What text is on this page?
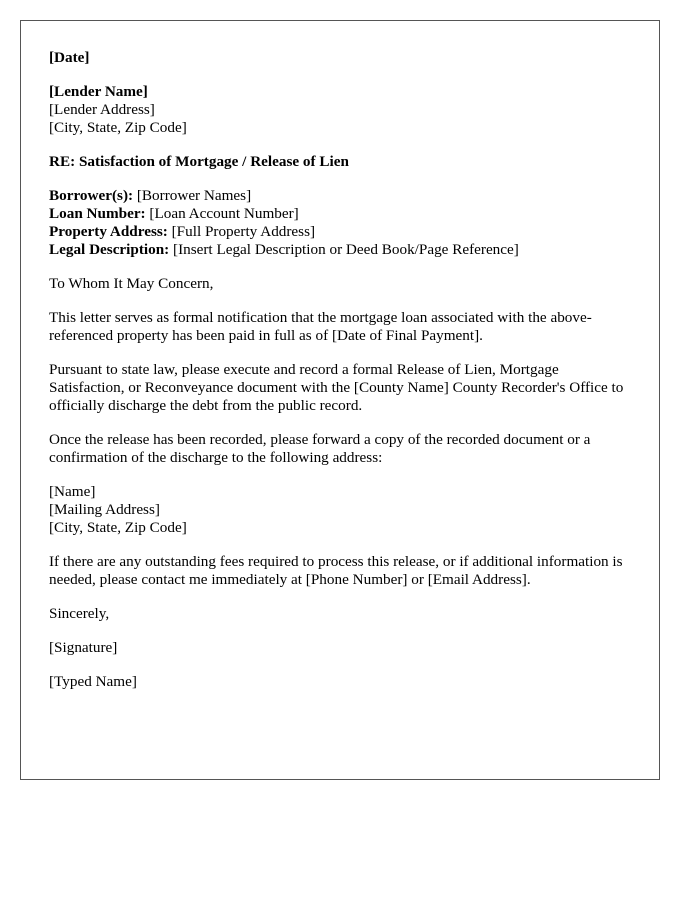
[Date]
[Lender Name]
[Lender Address]
[City, State, Zip Code]
RE: Satisfaction of Mortgage / Release of Lien
Borrower(s): [Borrower Names]
Loan Number: [Loan Account Number]
Property Address: [Full Property Address]
Legal Description: [Insert Legal Description or Deed Book/Page Reference]
To Whom It May Concern,
This letter serves as formal notification that the mortgage loan associated with the above-referenced property has been paid in full as of [Date of Final Payment].
Pursuant to state law, please execute and record a formal Release of Lien, Mortgage Satisfaction, or Reconveyance document with the [County Name] County Recorder's Office to officially discharge the debt from the public record.
Once the release has been recorded, please forward a copy of the recorded document or a confirmation of the discharge to the following address:
[Name]
[Mailing Address]
[City, State, Zip Code]
If there are any outstanding fees required to process this release, or if additional information is needed, please contact me immediately at [Phone Number] or [Email Address].
Sincerely,
[Signature]
[Typed Name]
